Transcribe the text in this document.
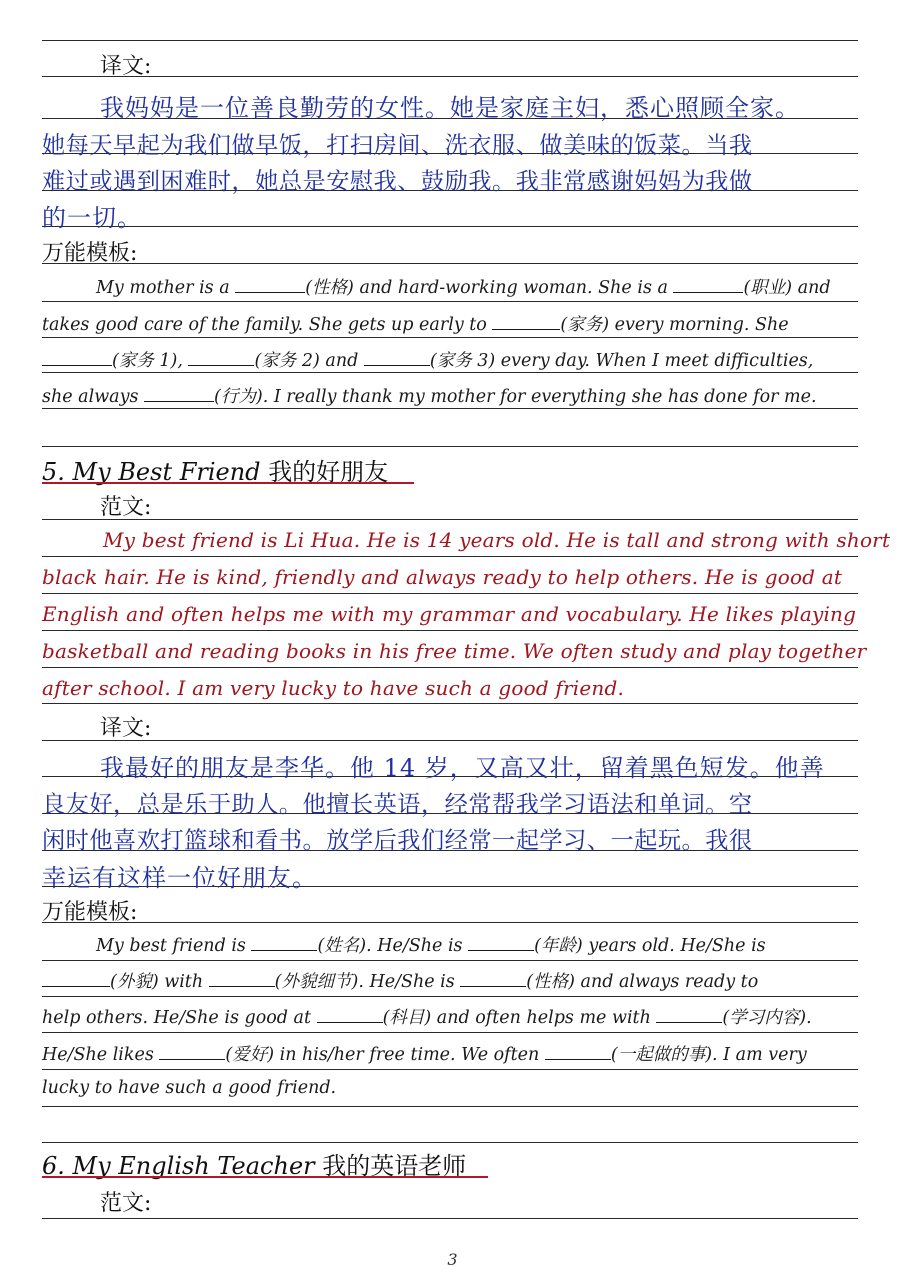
译文:
我妈妈是一位善良勤劳的女性。她是家庭主妇，悉心照顾全家。
她每天早起为我们做早饭，打扫房间、洗衣服、做美味的饭菜。当我
难过或遇到困难时，她总是安慰我、鼓励我。我非常感谢妈妈为我做
的一切。
万能模板:
My mother is a	(性格) and hard-working woman. She is a	(职业) and
takes good care of the family. She gets up early to	(家务) every morning. She
(家务 1),	(家务 2) and	(家务 3) every day. When I meet difficulties,
she always	(行为). I really thank my mother for everything she has done for me.
5. My Best Friend 我的好朋友
范文:
My best friend is Li Hua. He is 14 years old. He is tall and strong with short
black hair. He is kind, friendly and always ready to help others. He is good at
English and often helps me with my grammar and vocabulary. He likes playing
basketball and reading books in his free time. We often study and play together
after school. I am very lucky to have such a good friend.
译文:
我最好的朋友是李华。他 14 岁，又高又壮，留着黑色短发。他善
良友好，总是乐于助人。他擅长英语，经常帮我学习语法和单词。空
闲时他喜欢打篮球和看书。放学后我们经常一起学习、一起玩。我很
幸运有这样一位好朋友。
万能模板:
My best friend is	(姓名). He/She is	(年龄) years old. He/She is
(外貌) with	(外貌细节). He/She is	(性格) and always ready to
help others. He/She is good at	(科目) and often helps me with	(学习内容).
He/She likes	(爱好) in his/her free time. We often	(一起做的事). I am very
lucky to have such a good friend.
6. My English Teacher 我的英语老师
范文:
3
